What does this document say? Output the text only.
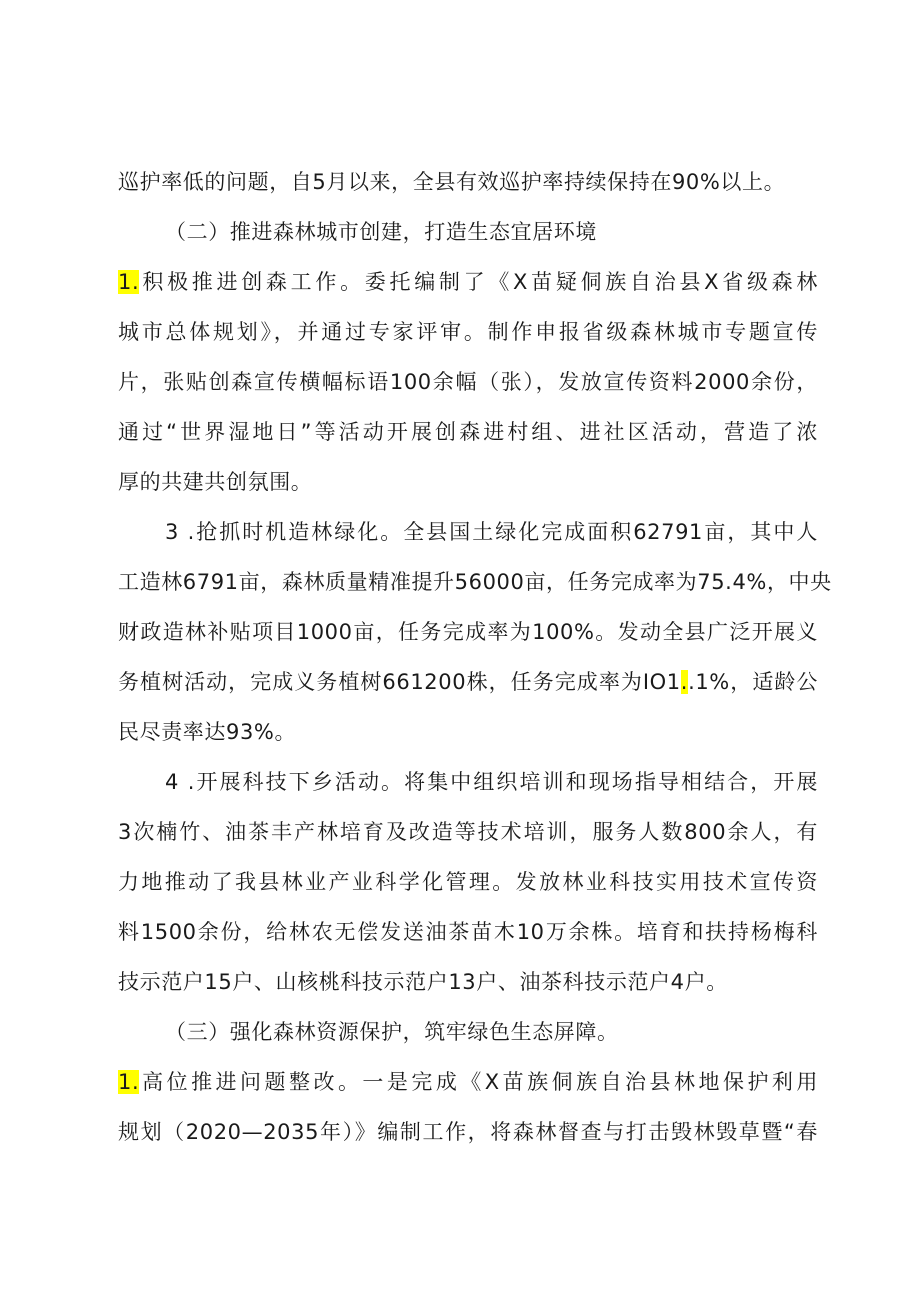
巡护率低的问题，自5月以来，全县有效巡护率持续保持在90%以上。
（二）推进森林城市创建，打造生态宜居环境
1.积极推进创森工作。委托编制了《X苗疑侗族自治县X省级森林
城市总体规划》，并通过专家评审。制作申报省级森林城市专题宣传
片，张贴创森宣传横幅标语100余幅（张），发放宣传资料2000余份，
通过“世界湿地日”等活动开展创森进村组、进社区活动，营造了浓
厚的共建共创氛围。
3 .抢抓时机造林绿化。全县国土绿化完成面积62791亩，其中人
工造林6791亩，森林质量精准提升56000亩，任务完成率为75.4%，中央
财政造林补贴项目1000亩，任务完成率为100%。发动全县广泛开展义
务植树活动，完成义务植树661200株，任务完成率为IO1..1%，适龄公
民尽责率达93%。
4 .开展科技下乡活动。将集中组织培训和现场指导相结合，开展
3次楠竹、油茶丰产林培育及改造等技术培训，服务人数800余人，有
力地推动了我县林业产业科学化管理。发放林业科技实用技术宣传资
料1500余份，给林农无偿发送油茶苗木10万余株。培育和扶持杨梅科
技示范户15户、山核桃科技示范户13户、油茶科技示范户4户。
（三）强化森林资源保护，筑牢绿色生态屏障。
1.高位推进问题整改。一是完成《X苗族侗族自治县林地保护利用
规划（2020—2035年）》编制工作，将森林督查与打击毁林毁草暨“春
